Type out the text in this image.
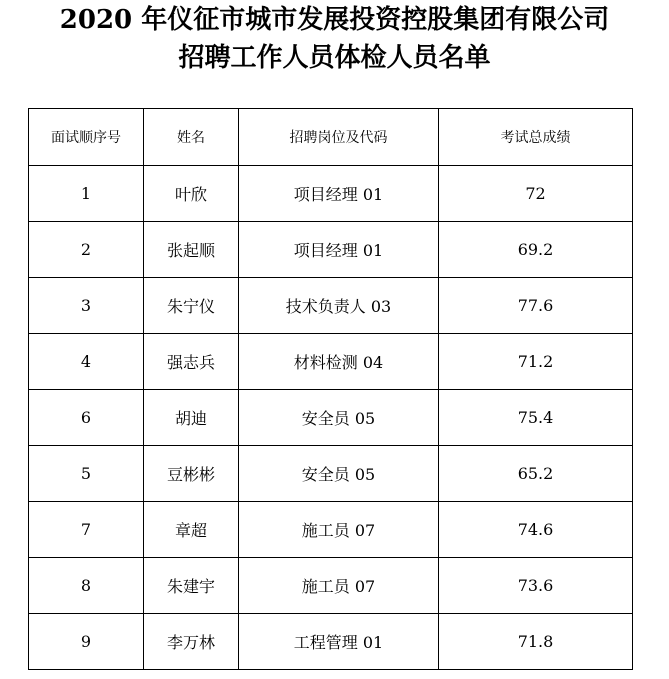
2020 年仪征市城市发展投资控股集团有限公司
招聘工作人员体检人员名单
面试顺序号	姓名	招聘岗位及代码	考试总成绩
1	叶欣	项目经理 01	72
2	张起顺	项目经理 01	69.2
3	朱宁仪	技术负责人 03	77.6
4	强志兵	材料检测 04	71.2
6	胡迪	安全员 05	75.4
5	豆彬彬	安全员 05	65.2
7	章超	施工员 07	74.6
8	朱建宇	施工员 07	73.6
9	李万林	工程管理 01	71.8
